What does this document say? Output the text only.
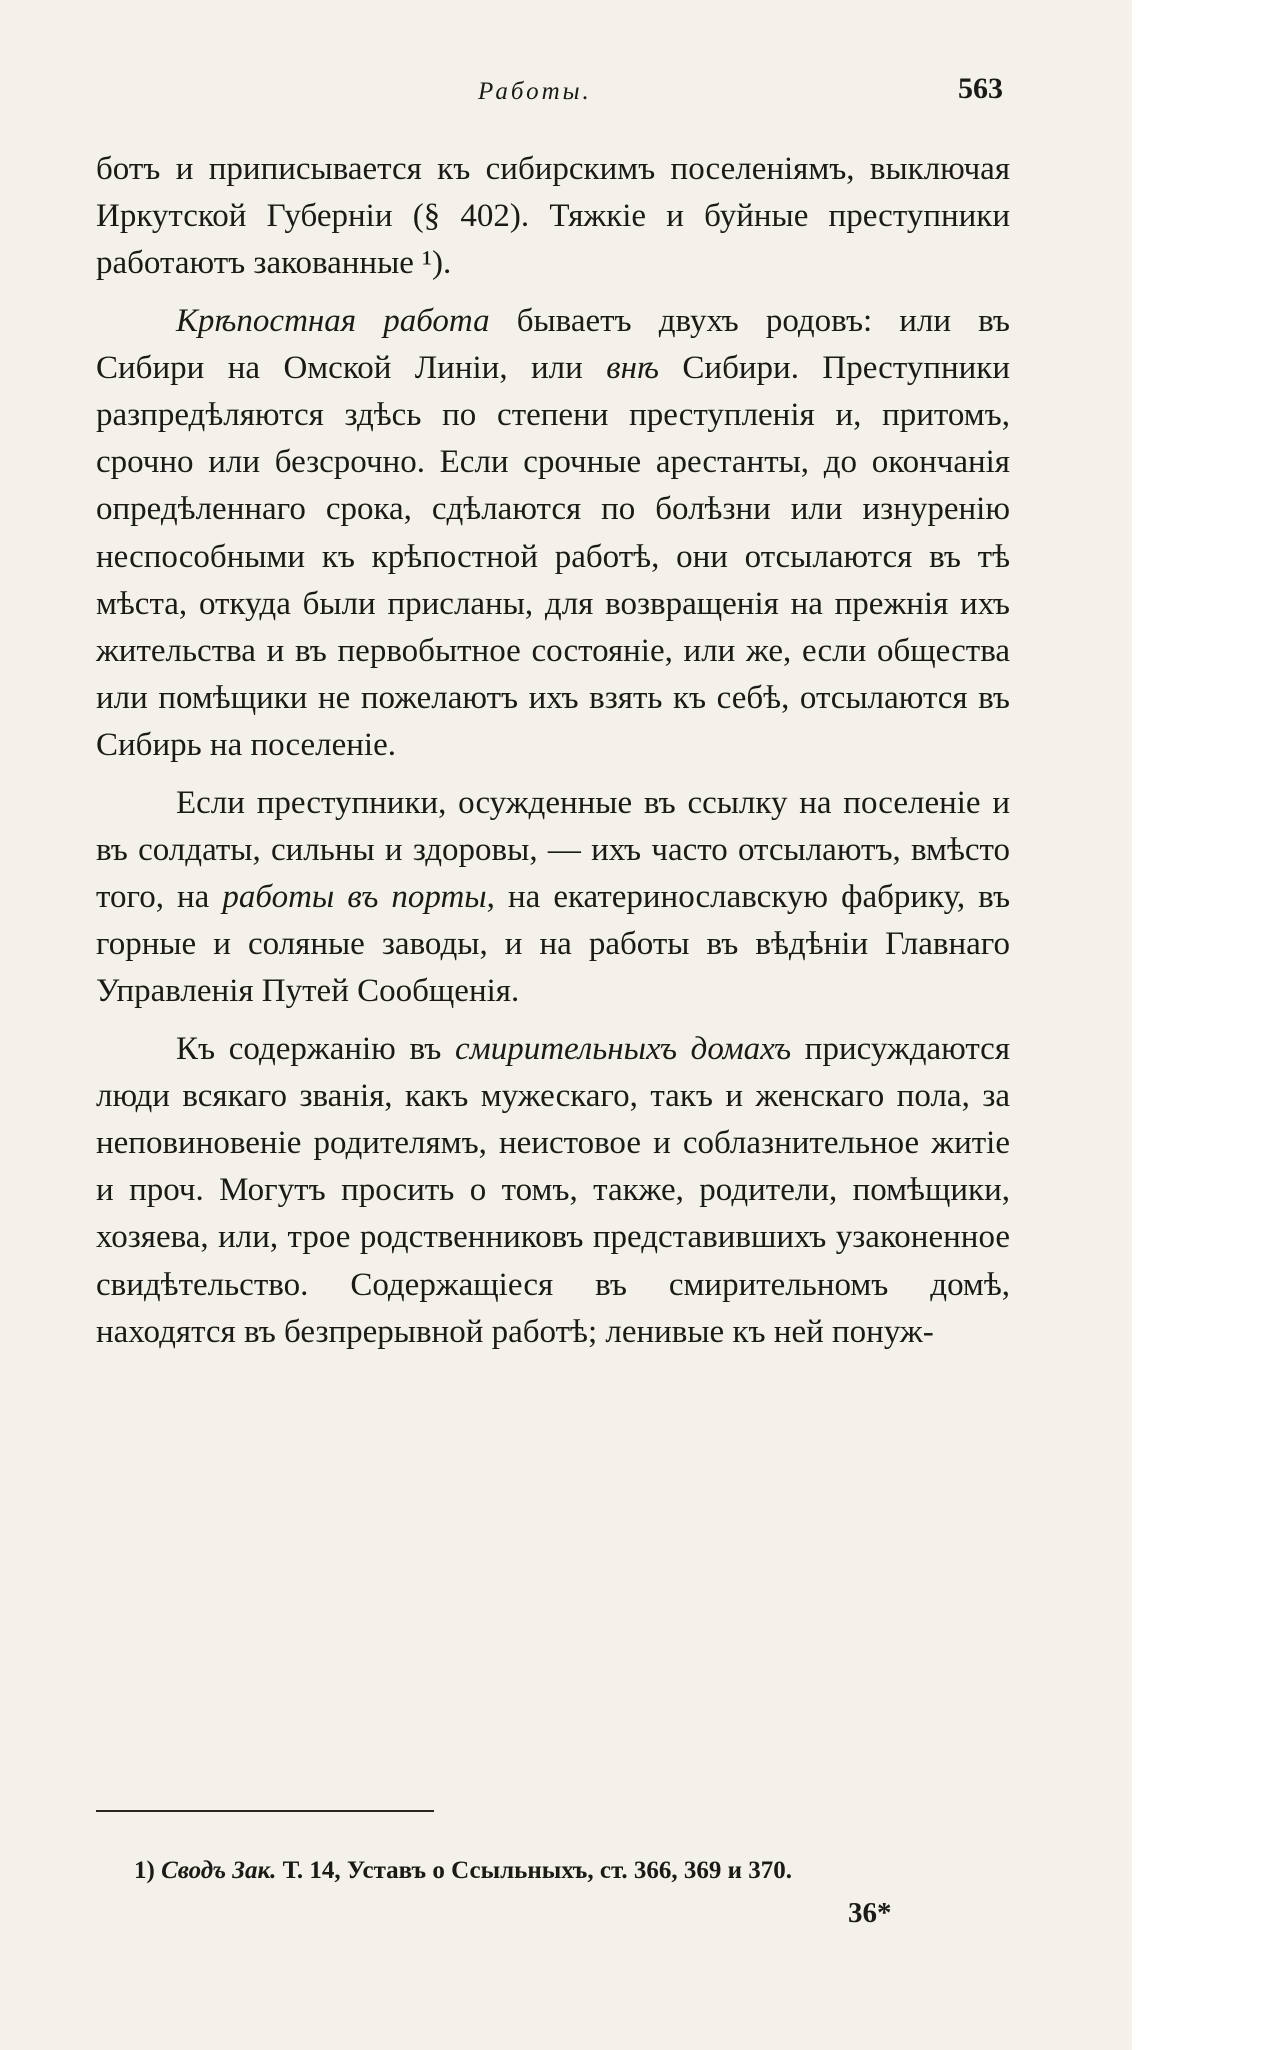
Работы.	563

ботъ и приписывается къ сибирскимъ поселеніямъ, выключая Иркутской Губерніи (§ 402). Тяжкіе и буйные преступники работаютъ закованные ¹).

Крѣпостная работа бываетъ двухъ родовъ: или въ Сибири на Омской Линіи, или внѣ Сибири. Преступники разпредѣляются здѣсь по степени преступленія и, притомъ, срочно или безсрочно. Если срочные арестанты, до окончанія опредѣленнаго срока, сдѣлаются по болѣзни или изнуренію неспособными къ крѣпостной работѣ, они отсылаются въ тѣ мѣста, откуда были присланы, для возвращенія на прежнія ихъ жительства и въ первобытное состояніе, или же, если общества или помѣщики не пожелаютъ ихъ взять къ себѣ, отсылаются въ Сибирь на поселеніе.

Если преступники, осужденные въ ссылку на поселеніе и въ солдаты, сильны и здоровы, — ихъ часто отсылаютъ, вмѣсто того, на работы въ порты, на екатеринославскую фабрику, въ горные и соляные заводы, и на работы въ вѣдѣніи Главнаго Управленія Путей Сообщенія.

Къ содержанію въ смирительныхъ домахъ присуждаются люди всякаго званія, какъ мужескаго, такъ и женскаго пола, за неповиновеніе родителямъ, неистовое и соблазнительное житіе и проч. Могутъ просить о томъ, также, родители, помѣщики, хозяева, или, трое родственниковъ представившихъ узаконенное свидѣтельство. Содержащіеся въ смирительномъ домѣ, находятся въ безпрерывной работѣ; ленивые къ ней понуж-

1) Сводъ Зак. Т. 14, Уставъ о Ссыльныхъ, ст. 366, 369 и 370.
36*
